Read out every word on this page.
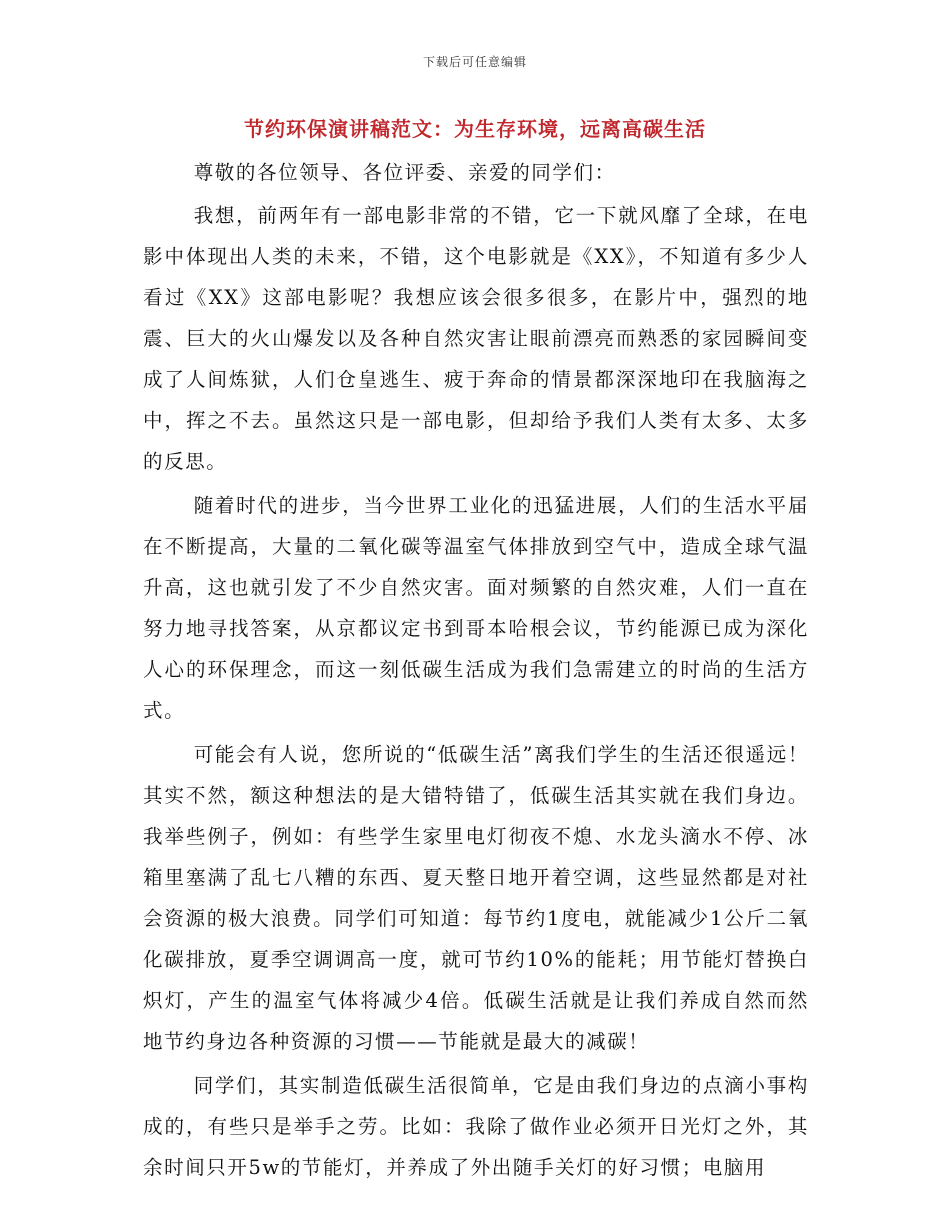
下载后可任意编辑
节约环保演讲稿范文：为生存环境，远离高碳生活

尊敬的各位领导、各位评委、亲爱的同学们：

我想，前两年有一部电影非常的不错，它一下就风靡了全球，在电影中体现出人类的未来，不错，这个电影就是《XX》，不知道有多少人看过《XX》这部电影呢？我想应该会很多很多，在影片中，强烈的地震、巨大的火山爆发以及各种自然灾害让眼前漂亮而熟悉的家园瞬间变成了人间炼狱，人们仓皇逃生、疲于奔命的情景都深深地印在我脑海之中，挥之不去。虽然这只是一部电影，但却给予我们人类有太多、太多的反思。

随着时代的进步，当今世界工业化的迅猛进展，人们的生活水平届在不断提高，大量的二氧化碳等温室气体排放到空气中，造成全球气温升高，这也就引发了不少自然灾害。面对频繁的自然灾难，人们一直在努力地寻找答案，从京都议定书到哥本哈根会议，节约能源已成为深化人心的环保理念，而这一刻低碳生活成为我们急需建立的时尚的生活方式。

可能会有人说，您所说的“低碳生活”离我们学生的生活还很遥远！其实不然，额这种想法的是大错特错了，低碳生活其实就在我们身边。我举些例子，例如：有些学生家里电灯彻夜不熄、水龙头滴水不停、冰箱里塞满了乱七八糟的东西、夏天整日地开着空调，这些显然都是对社会资源的极大浪费。同学们可知道：每节约1度电，就能减少1公斤二氧化碳排放，夏季空调调高一度，就可节约10%的能耗；用节能灯替换白炽灯，产生的温室气体将减少4倍。低碳生活就是让我们养成自然而然地节约身边各种资源的习惯——节能就是最大的减碳！

同学们，其实制造低碳生活很简单，它是由我们身边的点滴小事构成的，有些只是举手之劳。比如：我除了做作业必须开日光灯之外，其余时间只开5w的节能灯，并养成了外出随手关灯的好习惯；电脑用
